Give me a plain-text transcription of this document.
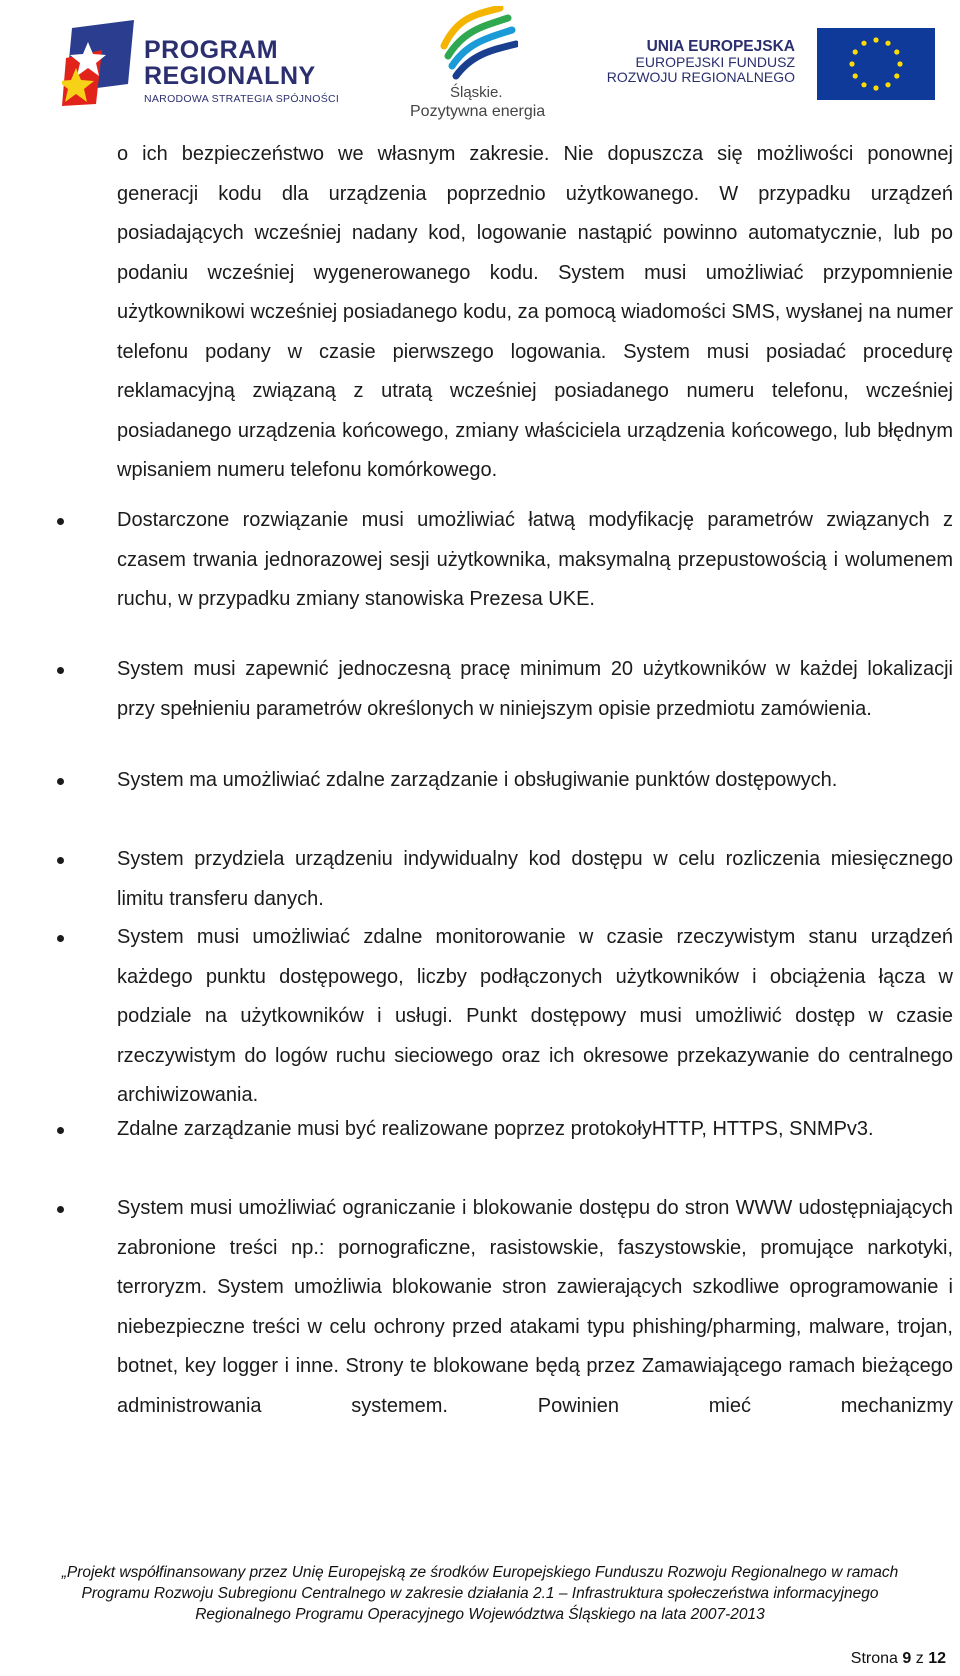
PROGRAM
REGIONALNY
NARODOWA STRATEGIA SPÓJNOŚCI	Śląskie.
Pozytywna energia
UNIA EUROPEJSKA
EUROPEJSKI FUNDUSZ
ROZWOJU REGIONALNEGO

o ich bezpieczeństwo we własnym zakresie. Nie dopuszcza się możliwości ponownej generacji kodu dla urządzenia poprzednio użytkowanego. W przypadku urządzeń posiadających wcześniej nadany kod, logowanie nastąpić powinno automatycznie, lub po podaniu wcześniej wygenerowanego kodu. System musi umożliwiać przypomnienie użytkownikowi wcześniej posiadanego kodu, za pomocą wiadomości SMS, wysłanej na numer telefonu podany w czasie pierwszego logowania. System musi posiadać procedurę reklamacyjną związaną z utratą wcześniej posiadanego numeru telefonu, wcześniej posiadanego urządzenia końcowego, zmiany właściciela urządzenia końcowego, lub błędnym wpisaniem numeru telefonu komórkowego.

Dostarczone rozwiązanie musi umożliwiać łatwą modyfikację parametrów związanych z czasem trwania jednorazowej sesji użytkownika, maksymalną przepustowością i wolumenem ruchu, w przypadku zmiany stanowiska Prezesa UKE.

System musi zapewnić jednoczesną pracę minimum 20 użytkowników w każdej lokalizacji przy spełnieniu parametrów określonych w niniejszym opisie przedmiotu zamówienia.

System ma umożliwiać zdalne zarządzanie i obsługiwanie punktów dostępowych.

System przydziela urządzeniu indywidualny kod dostępu w celu rozliczenia miesięcznego limitu transferu danych.

System musi umożliwiać zdalne monitorowanie w czasie rzeczywistym stanu urządzeń każdego punktu dostępowego, liczby podłączonych użytkowników i obciążenia łącza w podziale na użytkowników i usługi. Punkt dostępowy musi umożliwić dostęp w czasie rzeczywistym do logów ruchu sieciowego oraz ich okresowe przekazywanie do centralnego archiwizowania.

Zdalne zarządzanie musi być realizowane poprzez protokołyHTTP, HTTPS, SNMPv3.

System musi umożliwiać ograniczanie i blokowanie dostępu do stron WWW udostępniających zabronione treści np.: pornograficzne, rasistowskie, faszystowskie, promujące narkotyki, terroryzm. System umożliwia blokowanie stron zawierających szkodliwe oprogramowanie i niebezpieczne treści w celu ochrony przed atakami typu phishing/pharming, malware, trojan, botnet, key logger i inne. Strony te blokowane będą przez Zamawiającego ramach bieżącego administrowania systemem. Powinien mieć mechanizmy

„Projekt współfinansowany przez Unię Europejską ze środków Europejskiego Funduszu Rozwoju Regionalnego w ramach
Programu Rozwoju Subregionu Centralnego w zakresie działania 2.1 – Infrastruktura społeczeństwa informacyjnego
Regionalnego Programu Operacyjnego Województwa Śląskiego na lata 2007-2013
Strona 9 z 12
